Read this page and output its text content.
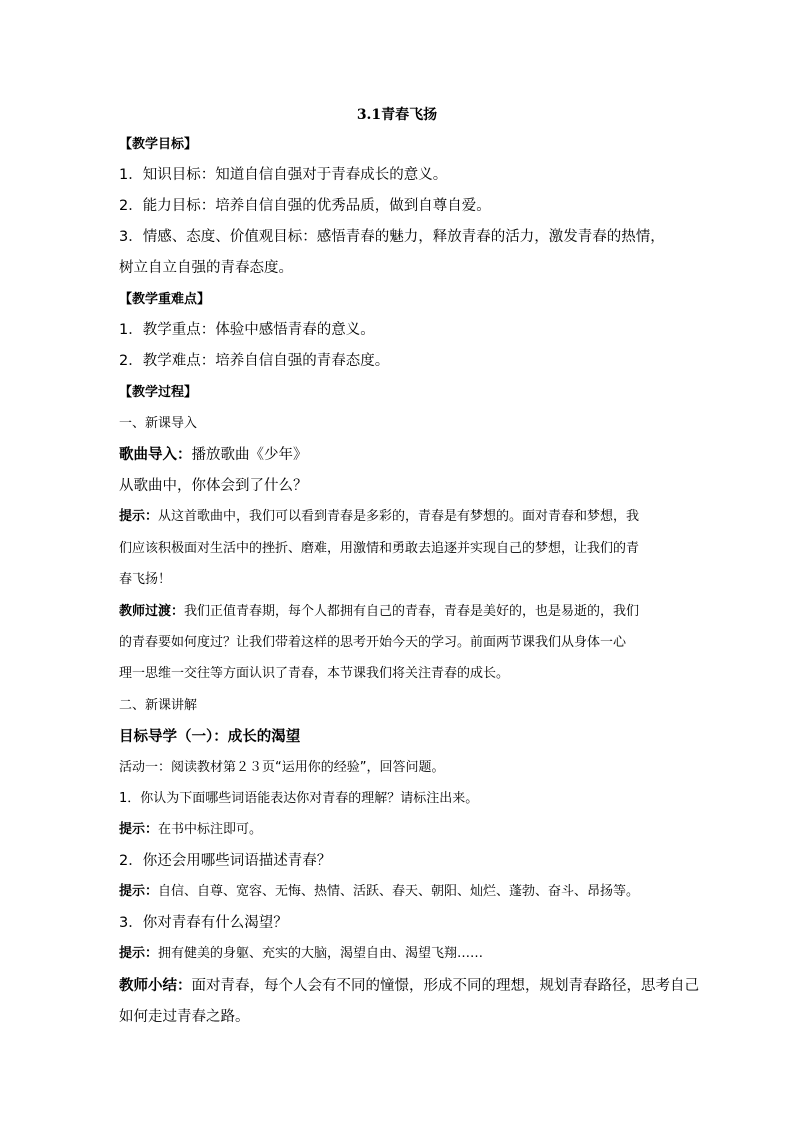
3.1青春飞扬
【教学目标】
1．知识目标：知道自信自强对于青春成长的意义。
2．能力目标：培养自信自强的优秀品质，做到自尊自爱。
3．情感、态度、价值观目标：感悟青春的魅力，释放青春的活力，激发青春的热情，
树立自立自强的青春态度。
【教学重难点】
1．教学重点：体验中感悟青春的意义。
2．教学难点：培养自信自强的青春态度。
【教学过程】
一、新课导入
歌曲导入：播放歌曲《少年》
从歌曲中，你体会到了什么？
提示：从这首歌曲中，我们可以看到青春是多彩的，青春是有梦想的。面对青春和梦想，我
们应该积极面对生活中的挫折、磨难，用激情和勇敢去追逐并实现自己的梦想，让我们的青
春飞扬！
教师过渡：我们正值青春期，每个人都拥有自己的青春，青春是美好的，也是易逝的，我们
的青春要如何度过？让我们带着这样的思考开始今天的学习。前面两节课我们从身体一心
理一思维一交往等方面认识了青春，本节课我们将关注青春的成长。
二、新课讲解
目标导学（一）：成长的渴望
活动一：阅读教材第２３页“运用你的经验”，回答问题。
1．你认为下面哪些词语能表达你对青春的理解？请标注出来。
提示：在书中标注即可。
2．你还会用哪些词语描述青春？
提示：自信、自尊、宽容、无悔、热情、活跃、春天、朝阳、灿烂、蓬勃、奋斗、昂扬等。
3．你对青春有什么渴望？
提示：拥有健美的身躯、充实的大脑，渴望自由、渴望飞翔……
教师小结：面对青春，每个人会有不同的憧憬，形成不同的理想，规划青春路径，思考自己
如何走过青春之路。
